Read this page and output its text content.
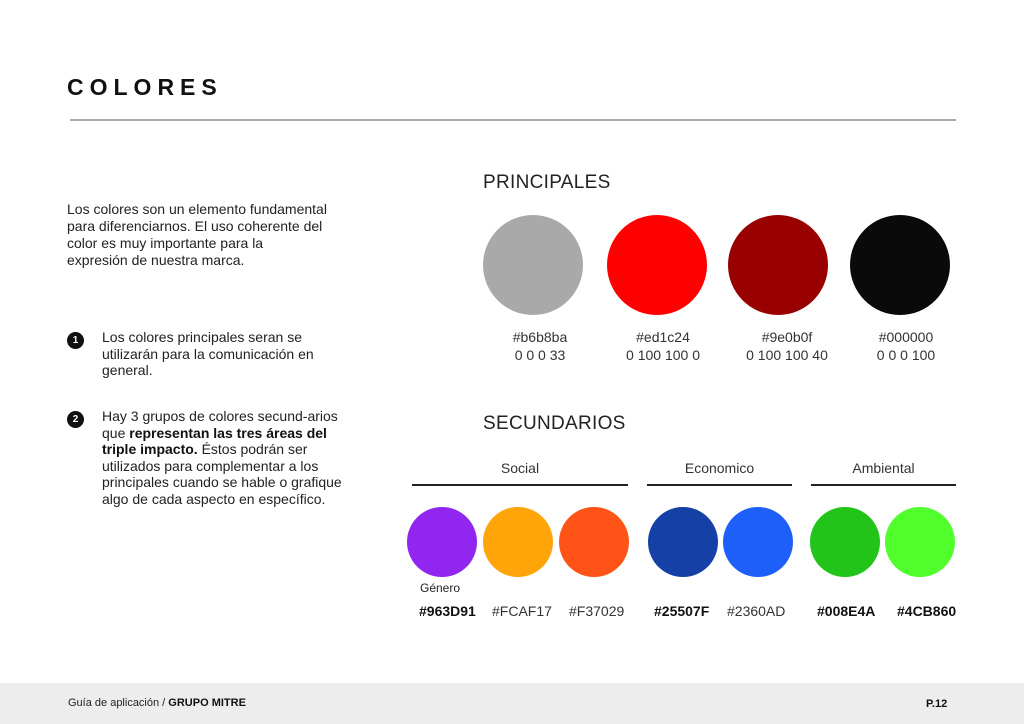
COLORES

Los colores son un elemento fundamental para diferenciarnos. El uso coherente del color es muy importante para la expresión de nuestra marca.

1	Los colores principales seran se utilizarán para la comunicación en general.

2	Hay 3 grupos de colores secund-arios que representan las tres áreas del triple impacto. Éstos podrán ser utilizados para complementar a los principales cuando se hable o grafique algo de cada aspecto en específico.

PRINCIPALES
#b6b8ba
0 0 0 33
#ed1c24
0 100 100 0
#9e0b0f
0 100 100 40
#000000
0 0 0 100
SECUNDARIOS
Social	Economico	Ambiental
Género
#963D91 #FCAF17 #F37029 #25507F #2360AD #008E4A #4CB860
Guía de aplicación / GRUPO MITRE	P.12
